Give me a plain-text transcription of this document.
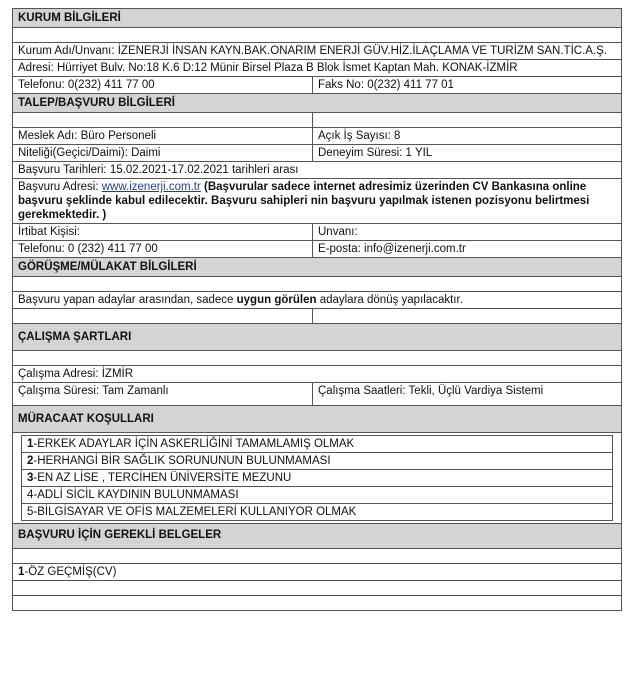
KURUM BİLGİLERİ
Kurum Adı/Unvanı: İZENERJİ İNSAN KAYN.BAK.ONARIM ENERJİ GÜV.HİZ.İLAÇLAMA VE TURİZM SAN.TİC.A.Ş.
Adresi: Hürriyet Bulv. No:18 K.6 D:12 Münir Birsel Plaza B Blok İsmet Kaptan Mah. KONAK-İZMİR
Telefonu: 0(232) 411 77 00	Faks No: 0(232) 411 77 01
TALEP/BAŞVURU BİLGİLERİ
Meslek Adı: Büro Personeli	Açık İş Sayısı: 8
Niteliği(Geçici/Daimi): Daimi	Deneyim Süresi: 1 YIL
Başvuru Tarihleri: 15.02.2021-17.02.2021 tarihleri arası
Başvuru Adresi: www.izenerji.com.tr (Başvurular sadece internet adresimiz üzerinden CV Bankasına online başvuru şeklinde kabul edilecektir. Başvuru sahipleri nin başvuru yapılmak istenen pozisyonu belirtmesi gerekmektedir. )
İrtibat Kişisi:	Unvanı:
Telefonu: 0 (232) 411 77 00	E-posta: info@izenerji.com.tr
GÖRÜŞME/MÜLAKAT BİLGİLERİ
Başvuru yapan adaylar arasından, sadece uygun görülen adaylara dönüş yapılacaktır.
ÇALIŞMA ŞARTLARI
Çalışma Adresi: İZMİR
Çalışma Süresi: Tam Zamanlı	Çalışma Saatleri: Tekli, Üçlü Vardiya Sistemi
MÜRACAAT KOŞULLARI
1-ERKEK ADAYLAR İÇİN ASKERLİĞİNİ TAMAMLAMIŞ OLMAK
2-HERHANGİ BİR SAĞLIK SORUNUNUN BULUNMAMASI
3-EN AZ LİSE , TERCİHEN ÜNİVERSİTE MEZUNU
4-ADLİ SİCİL KAYDININ BULUNMAMASI
5-BİLGİSAYAR VE OFİS MALZEMELERİ KULLANIYOR OLMAK
BAŞVURU İÇİN GEREKLİ BELGELER
1-ÖZ GEÇMİŞ(CV)
